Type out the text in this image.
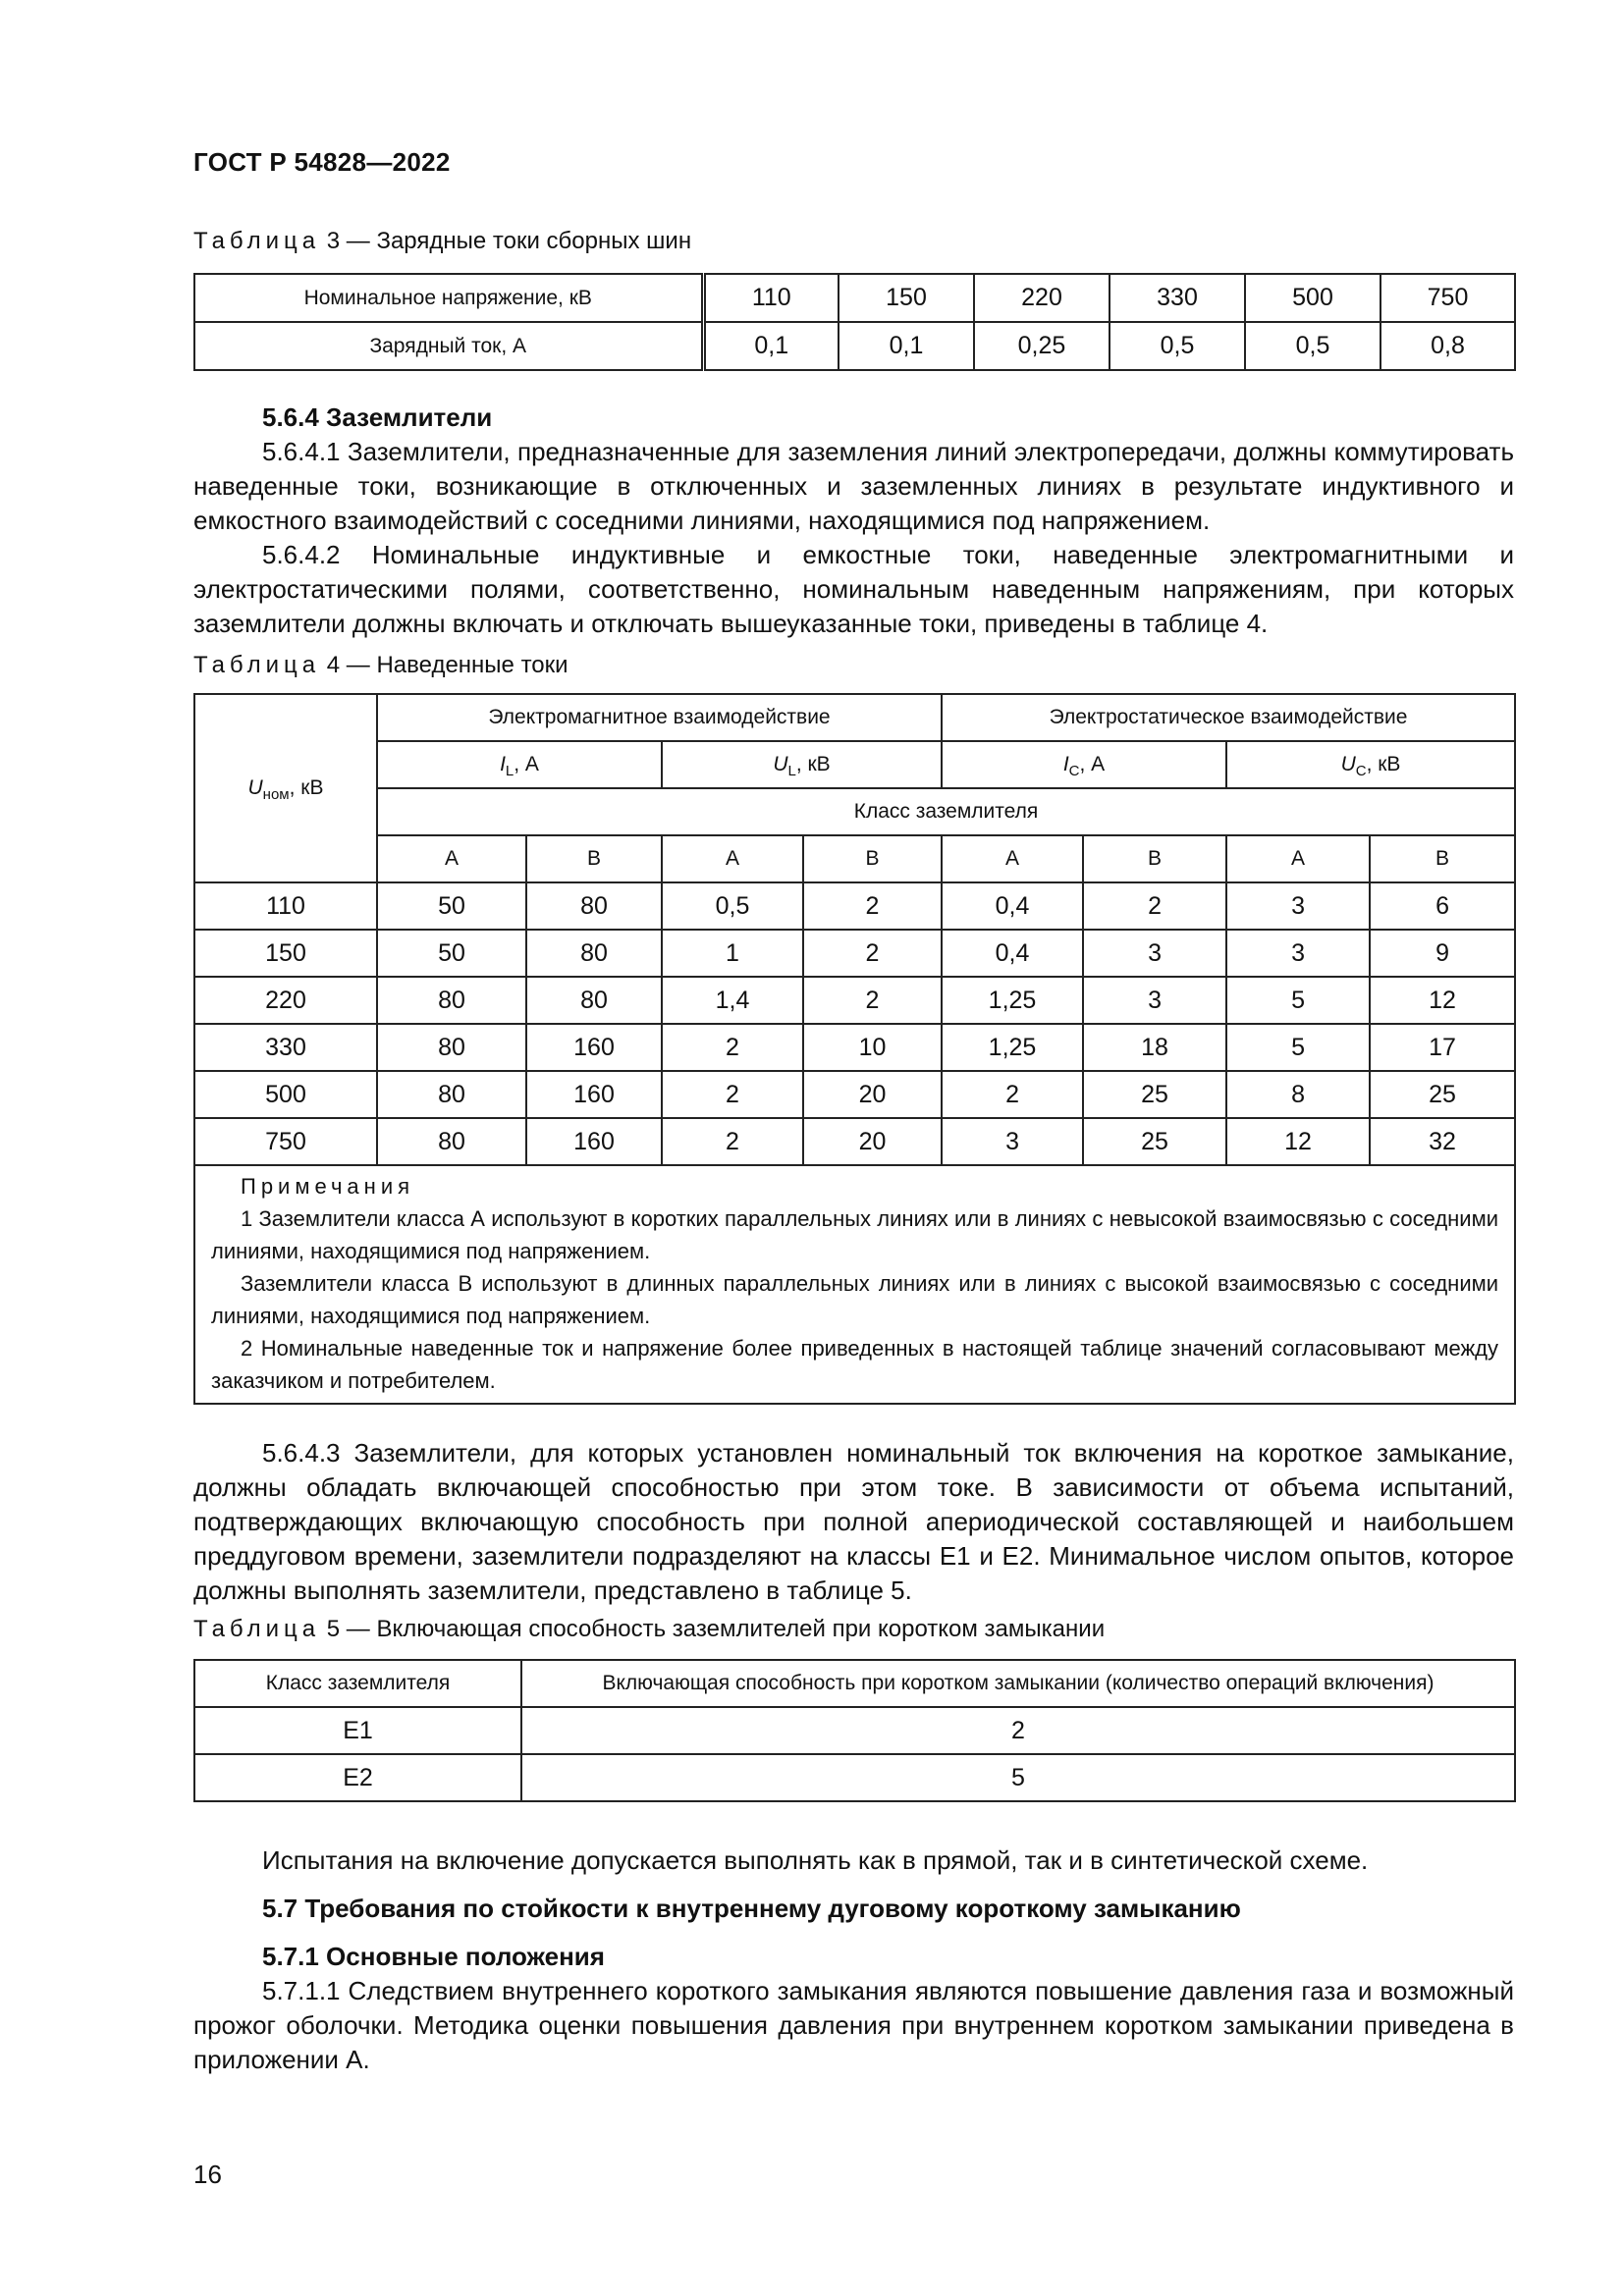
ГОСТ Р 54828—2022
Таблица 3 — Зарядные токи сборных шин
Номинальное напряжение, кВ	110	150	220	330	500	750
Зарядный ток, А	0,1	0,1	0,25	0,5	0,5	0,8

5.6.4 Заземлители

5.6.4.1 Заземлители, предназначенные для заземления линий электропередачи, должны коммутировать наведенные токи, возникающие в отключенных и заземленных линиях в результате индуктивного и емкостного взаимодействий с соседними линиями, находящимися под напряжением.

5.6.4.2 Номинальные индуктивные и емкостные токи, наведенные электромагнитными и электростатическими полями, соответственно, номинальным наведенным напряжениям, при которых заземлители должны включать и отключать вышеуказанные токи, приведены в таблице 4.

Таблица 4 — Наведенные токи
$U_{ном}$, кВ	Электромагнитное взаимодействие				Электростатическое взаимодействие			
	$I_L$, А		$U_L$, кВ		$I_C$, А		$U_C$, кВ	
	Класс заземлителя							
	А	В	А	В	А	В	А	В
110	50	80	0,5	2	0,4	2	3	6
150	50	80	1	2	0,4	3	3	9
220	80	80	1,4	2	1,25	3	5	12
330	80	160	2	10	1,25	18	5	17
500	80	160	2	20	2	25	8	25
750	80	160	2	20	3	25	12	32

Примечания

1 Заземлители класса А используют в коротких параллельных линиях или в линиях с невысокой взаимосвязью с соседними линиями, находящимися под напряжением.

Заземлители класса В используют в длинных параллельных линиях или в линиях с высокой взаимосвязью с соседними линиями, находящимися под напряжением.

2 Номинальные наведенные ток и напряжение более приведенных в настоящей таблице значений согласовывают между заказчиком и потребителем.								

5.6.4.3 Заземлители, для которых установлен номинальный ток включения на короткое замыкание, должны обладать включающей способностью при этом токе. В зависимости от объема испытаний, подтверждающих включающую способность при полной апериодической составляющей и наибольшем преддуговом времени, заземлители подразделяют на классы Е1 и Е2. Минимальное числом опытов, которое должны выполнять заземлители, представлено в таблице 5.

Таблица 5 — Включающая способность заземлителей при коротком замыкании
Класс заземлителя	Включающая способность при коротком замыкании (количество операций включения)
Е1	2
Е2	5

Испытания на включение допускается выполнять как в прямой, так и в синтетической схеме.

5.7 Требования по стойкости к внутреннему дуговому короткому замыканию

5.7.1 Основные положения

5.7.1.1 Следствием внутреннего короткого замыкания являются повышение давления газа и возможный прожог оболочки. Методика оценки повышения давления при внутреннем коротком замыкании приведена в приложении А.

16
